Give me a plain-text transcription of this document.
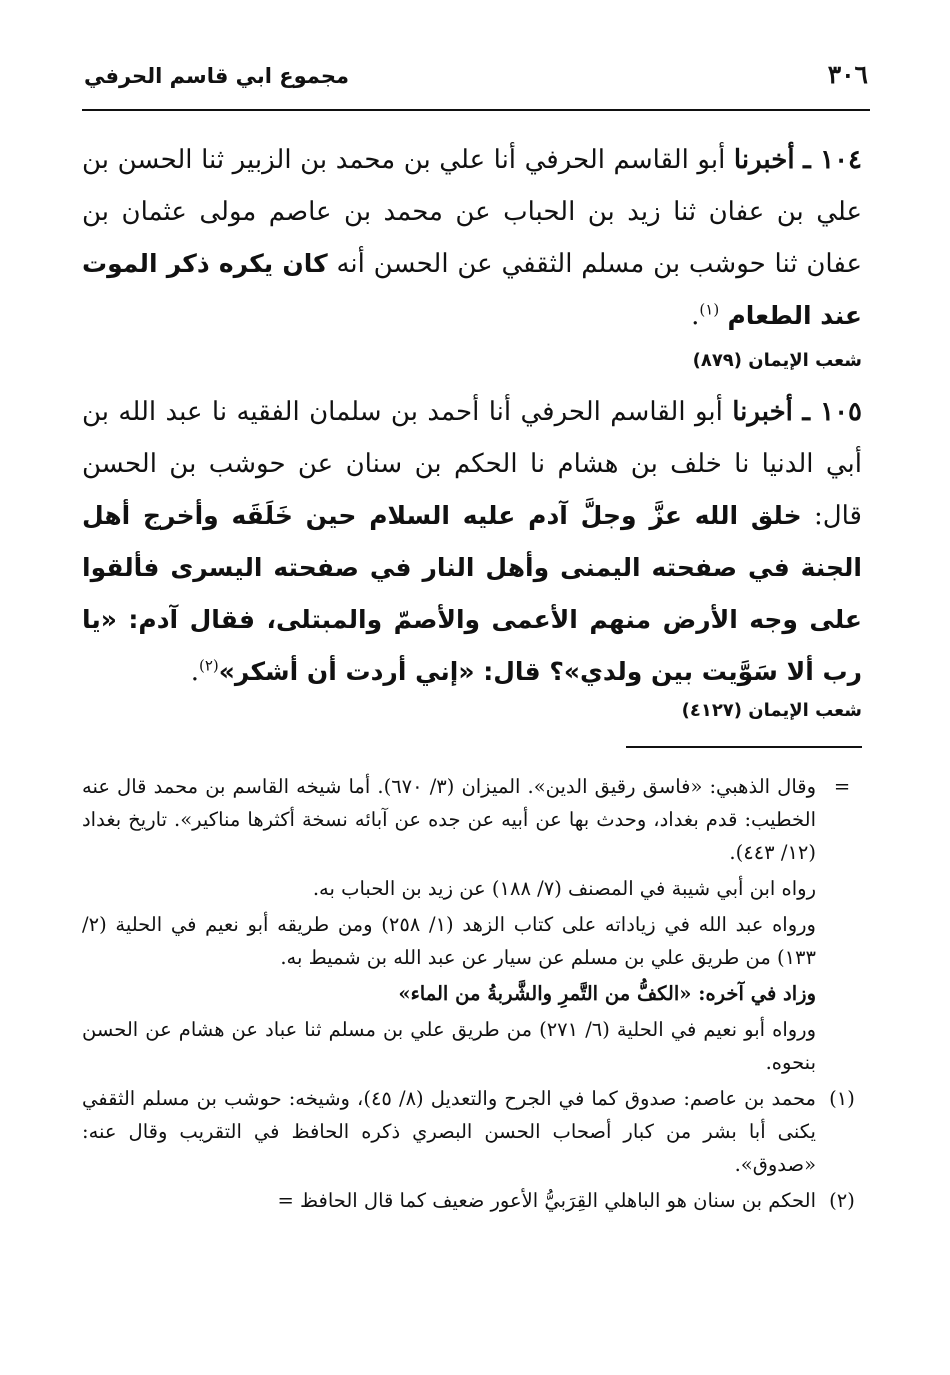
٣٠٦
مجموع ابي قاسم الحرفي
١٠٤ ـ أخبرنا أبو القاسم الحرفي أنا علي بن محمد بن الزبير ثنا الحسن بن علي بن عفان ثنا زيد بن الحباب عن محمد بن عاصم مولى عثمان بن عفان ثنا حوشب بن مسلم الثقفي عن الحسن أنه كان يكره ذكر الموت عند الطعام $^{(١)}$.
شعب الإيمان (٨٧٩)
١٠٥ ـ أخبرنا أبو القاسم الحرفي أنا أحمد بن سلمان الفقيه نا عبد الله بن أبي الدنيا نا خلف بن هشام نا الحكم بن سنان عن حوشب بن الحسن قال: خلق الله عزَّ وجلَّ آدم عليه السلام حين خَلَقَه وأخرج أهل الجنة في صفحته اليمنى وأهل النار في صفحته اليسرى فألقوا على وجه الأرض منهم الأعمى والأصمّ والمبتلى، فقال آدم: «يا رب ألا سَوَّيت بين ولدي»؟ قال: «إني أردت أن أشكر»$^{(٢)}$.
شعب الإيمان (٤١٢٧)
=

وقال الذهبي: «فاسق رقيق الدين». الميزان (٣/ ٦٧٠). أما شيخه القاسم بن محمد قال عنه الخطيب: قدم بغداد، وحدث بها عن أبيه عن جده عن آبائه نسخة أكثرها مناكير». تاريخ بغداد (١٢/ ٤٤٣).

رواه ابن أبي شيبة في المصنف (٧/ ١٨٨) عن زيد بن الحباب به.

ورواه عبد الله في زياداته على كتاب الزهد (١/ ٢٥٨) ومن طريقه أبو نعيم في الحلية (٢/ ١٣٣) من طريق علي بن مسلم عن سيار عن عبد الله بن شميط به.

وزاد في آخره: «الكفُّ من التَّمرِ والشَّربةُ من الماء»

ورواه أبو نعيم في الحلية (٦/ ٢٧١) من طريق علي بن مسلم ثنا عباد عن هشام عن الحسن بنحوه.

(١)

محمد بن عاصم: صدوق كما في الجرح والتعديل (٨/ ٤٥)، وشيخه: حوشب بن مسلم الثقفي يكنى أبا بشر من كبار أصحاب الحسن البصري ذكره الحافظ في التقريب وقال عنه: «صدوق».

(٢)

الحكم بن سنان هو الباهلي القِرَبيُّ الأعور ضعيف كما قال الحافظ =
